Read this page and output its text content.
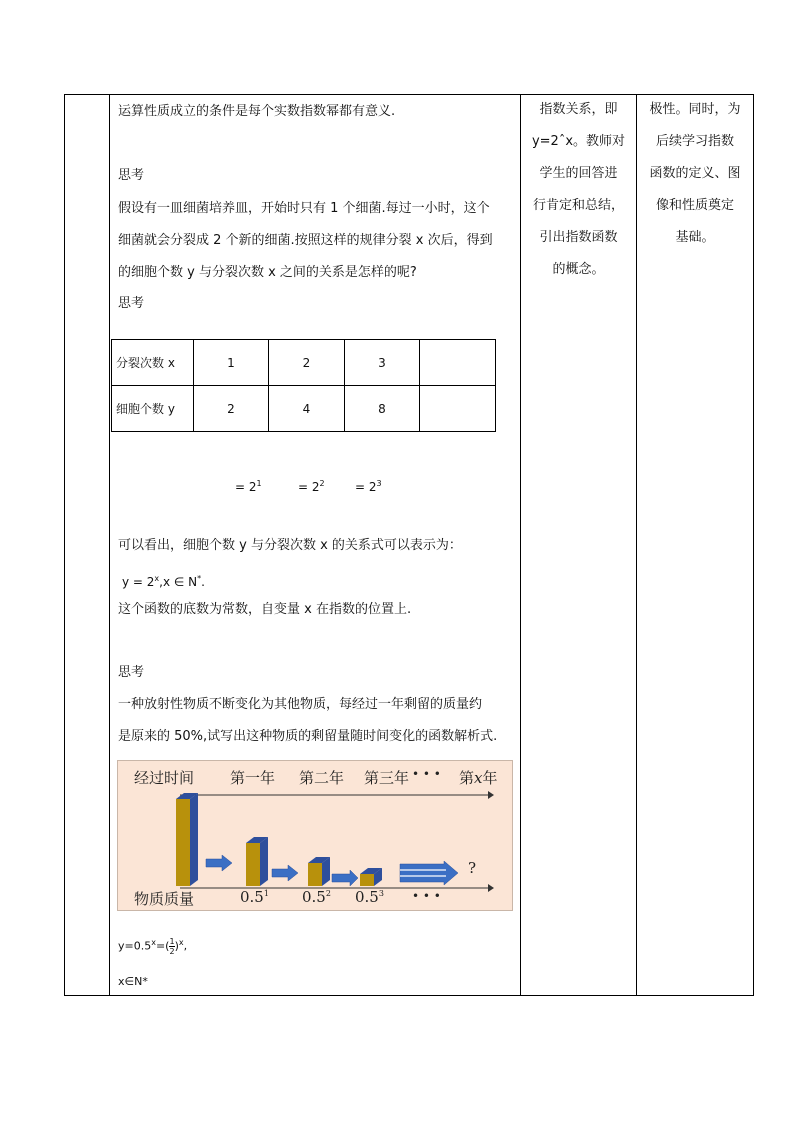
运算性质成立的条件是每个实数指数幂都有意义.
思考
假设有一皿细菌培养皿，开始时只有 1 个细菌.每过一小时，这个
细菌就会分裂成 2 个新的细菌.按照这样的规律分裂 x 次后，得到
的细胞个数 y 与分裂次数 x 之间的关系是怎样的呢?
思考
分裂次数 x	1	2	3	
细胞个数 y	2	4	8	
= $2^1$	= $2^2$	= $2^3$
可以看出，细胞个数 y 与分裂次数 x 的关系式可以表示为：
$y = 2^x,x$ ∈ N*.
这个函数的底数为常数，自变量 x 在指数的位置上.
思考
一种放射性物质不断变化为其他物质，每经过一年剩留的质量约
是原来的 50%,试写出这种物质的剩留量随时间变化的函数解析式.
经过时间 第一年 第二年 第三年 • • • 第x年
?
物质质量	$0.5^1$ $0.5^2$ $0.5^3$ • • •
$y=0.5^x=( \frac{1}{2} )^x$,
x∈N*
指数关系，即
y=2ˆx。教师对
学生的回答进
行肯定和总结，
引出指数函数
的概念。
极性。同时，为
后续学习指数
函数的定义、图
像和性质奠定
基础。
